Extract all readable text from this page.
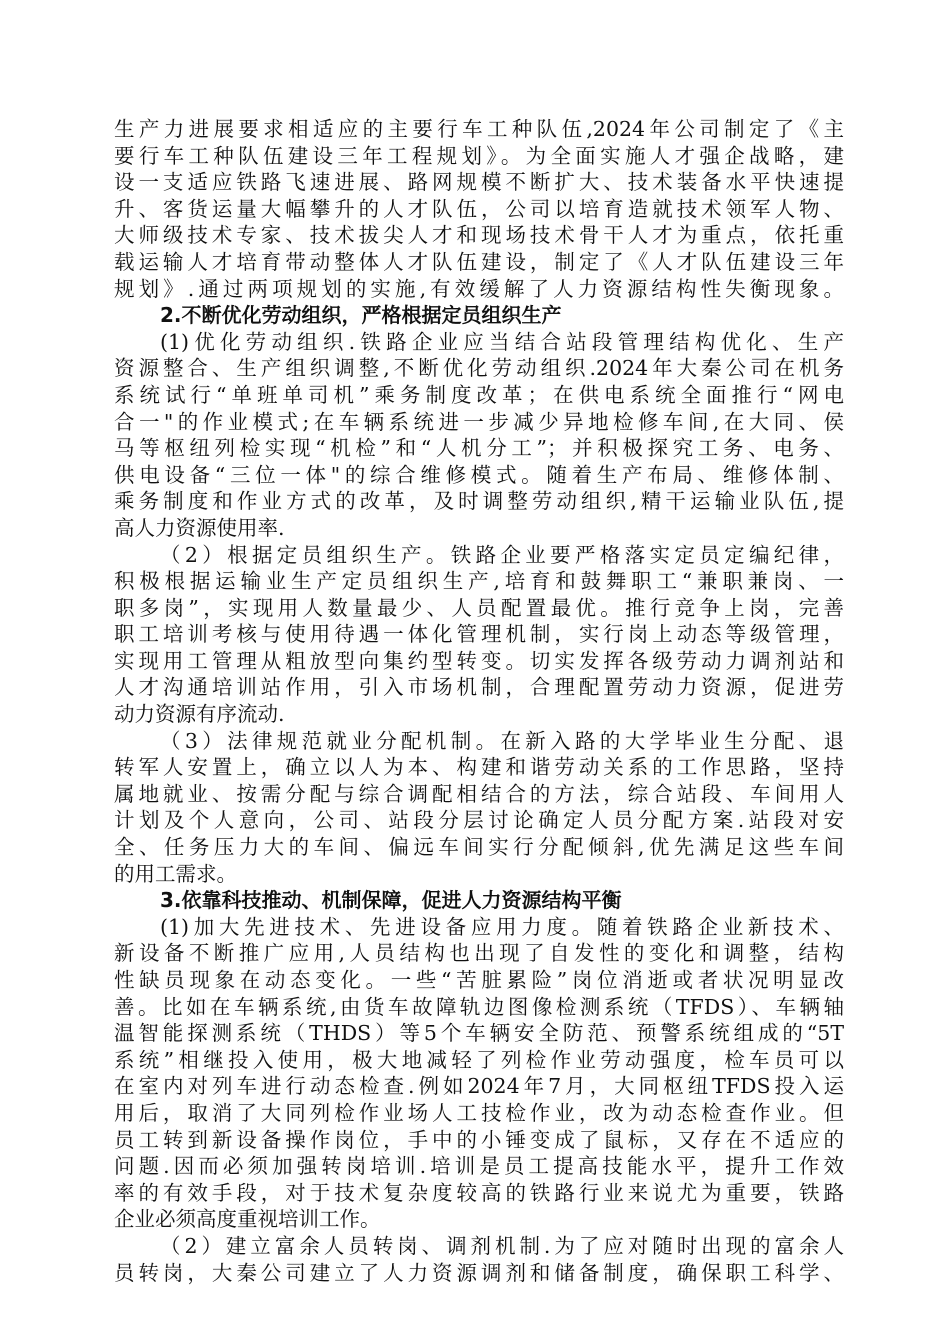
生产力进展要求相适应的主要行车工种队伍,2024年公司制定了《主
要行车工种队伍建设三年工程规划》。为全面实施人才强企战略，建
设一支适应铁路飞速进展、路网规模不断扩大、技术装备水平快速提
升、客货运量大幅攀升的人才队伍，公司以培育造就技术领军人物、
大师级技术专家、技术拔尖人才和现场技术骨干人才为重点，依托重
载运输人才培育带动整体人才队伍建设，制定了《人才队伍建设三年
规划》.通过两项规划的实施,有效缓解了人力资源结构性失衡现象。
2.不断优化劳动组织，严格根据定员组织生产
(1)优化劳动组织.铁路企业应当结合站段管理结构优化、生产
资源整合、生产组织调整,不断优化劳动组织.2024年大秦公司在机务
系统试行“单班单司机”乘务制度改革；在供电系统全面推行“网电
合一"的作业模式;在车辆系统进一步减少异地检修车间,在大同、侯
马等枢纽列检实现“机检”和“人机分工”；并积极探究工务、电务、
供电设备“三位一体"的综合维修模式。随着生产布局、维修体制、
乘务制度和作业方式的改革，及时调整劳动组织,精干运输业队伍,提
高人力资源使用率.
（2）根据定员组织生产。铁路企业要严格落实定员定编纪律，
积极根据运输业生产定员组织生产,培育和鼓舞职工“兼职兼岗、一
职多岗”，实现用人数量最少、人员配置最优。推行竞争上岗，完善
职工培训考核与使用待遇一体化管理机制，实行岗上动态等级管理，
实现用工管理从粗放型向集约型转变。切实发挥各级劳动力调剂站和
人才沟通培训站作用，引入市场机制，合理配置劳动力资源，促进劳
动力资源有序流动.
（3）法律规范就业分配机制。在新入路的大学毕业生分配、退
转军人安置上，确立以人为本、构建和谐劳动关系的工作思路，坚持
属地就业、按需分配与综合调配相结合的方法，综合站段、车间用人
计划及个人意向，公司、站段分层讨论确定人员分配方案.站段对安
全、任务压力大的车间、偏远车间实行分配倾斜,优先满足这些车间
的用工需求。
3.依靠科技推动、机制保障，促进人力资源结构平衡
(1)加大先进技术、先进设备应用力度。随着铁路企业新技术、
新设备不断推广应用,人员结构也出现了自发性的变化和调整，结构
性缺员现象在动态变化。一些“苦脏累险”岗位消逝或者状况明显改
善。比如在车辆系统,由货车故障轨边图像检测系统（TFDS）、车辆轴
温智能探测系统（THDS）等5个车辆安全防范、预警系统组成的“5T
系统”相继投入使用，极大地减轻了列检作业劳动强度，检车员可以
在室内对列车进行动态检查.例如2024年7月，大同枢纽TFDS投入运
用后，取消了大同列检作业场人工技检作业，改为动态检查作业。但
员工转到新设备操作岗位，手中的小锤变成了鼠标，又存在不适应的
问题.因而必须加强转岗培训.培训是员工提高技能水平，提升工作效
率的有效手段，对于技术复杂度较高的铁路行业来说尤为重要，铁路
企业必须高度重视培训工作。
（2）建立富余人员转岗、调剂机制.为了应对随时出现的富余人
员转岗，大秦公司建立了人力资源调剂和储备制度，确保职工科学、
